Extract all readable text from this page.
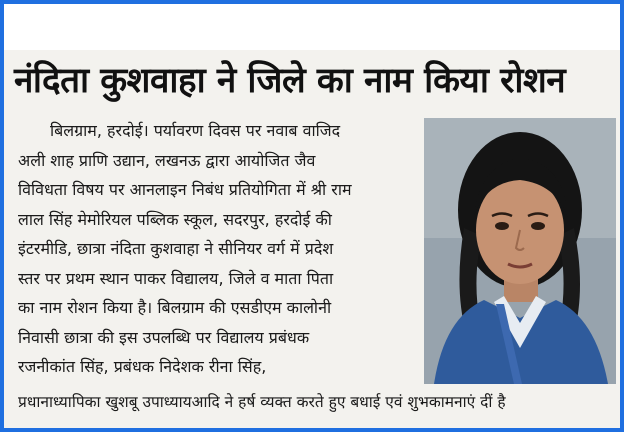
नंदिता कुशवाहा ने जिले का नाम किया रोशन
बिलग्राम, हरदोई। पर्यावरण दिवस पर नवाब वाजिद
अली शाह प्राणि उद्यान, लखनऊ द्वारा आयोजित जैव
विविधता विषय पर आनलाइन निबंध प्रतियोगिता में श्री राम
लाल सिंह मेमोरियल पब्लिक स्कूल, सदरपुर, हरदोई की
इंटरमीडि, छात्रा नंदिता कुशवाहा ने सीनियर वर्ग में प्रदेश
स्तर पर प्रथम स्थान पाकर विद्यालय, जिले व माता पिता
का नाम रोशन किया है। बिलग्राम की एसडीएम कालोनी
निवासी छात्रा की इस उपलब्धि पर विद्यालय प्रबंधक
रजनीकांत सिंह, प्रबंधक निदेशक रीना सिंह,
प्रधानाध्यापिका खुशबू उपाध्यायआदि ने हर्ष व्यक्त करते हुए बधाई एवं शुभकामनाएं दीं है
